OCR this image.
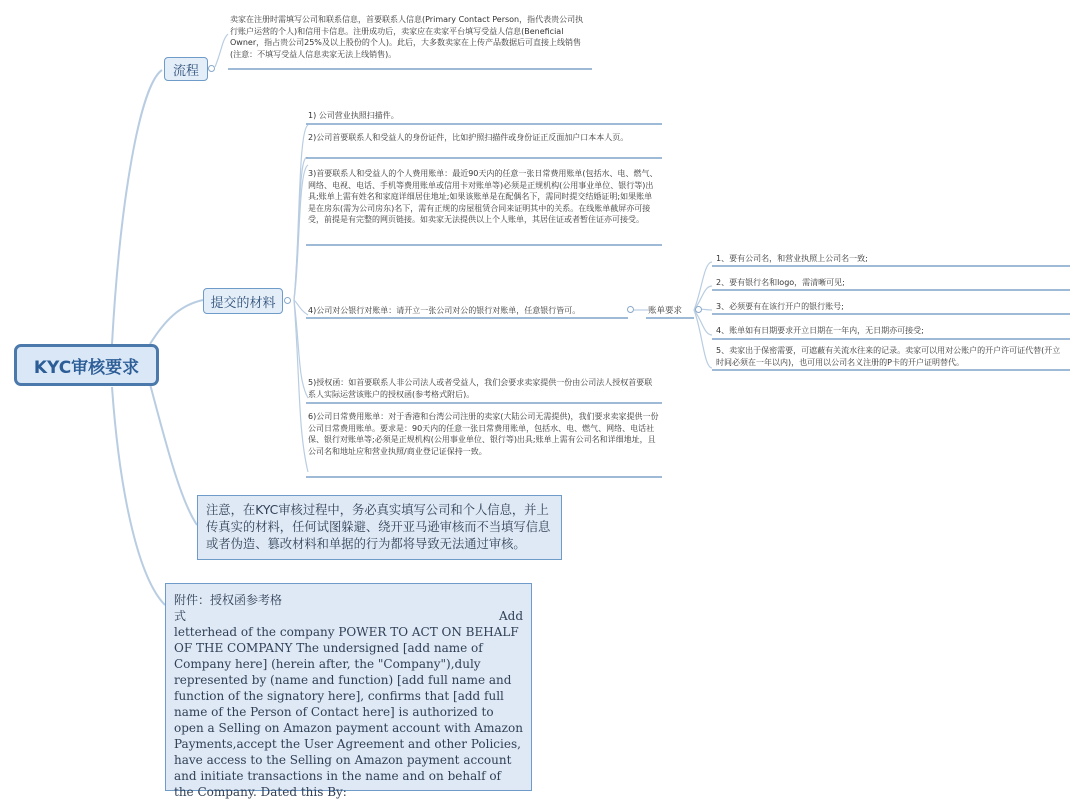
KYC审核要求
流程
卖家在注册时需填写公司和联系信息，首要联系人信息(Primary Contact Person，指代表贵公司执行账户运营的个人)和信用卡信息。注册成功后，卖家应在卖家平台填写受益人信息(Beneficial Owner，指占贵公司25%及以上股份的个人)。此后，大多数卖家在上传产品数据后可直接上线销售(注意：不填写受益人信息卖家无法上线销售)。
提交的材料
1) 公司营业执照扫描件。
2)公司首要联系人和受益人的身份证件，比如护照扫描件或身份证正反面加户口本本人页。
3)首要联系人和受益人的个人费用账单：最近90天内的任意一张日常费用账单(包括水、电、燃气、网络、电视、电话、手机等费用账单或信用卡对账单等)必须是正规机构(公用事业单位、银行等)出具;账单上需有姓名和家庭详细居住地址;如果该账单是在配偶名下，需同时提交结婚证明;如果账单是在房东(需为公司房东)名下，需有正规的房屋租赁合同来证明其中的关系。在线账单截屏亦可接受，前提是有完整的网页链接。如卖家无法提供以上个人账单，其居住证或者暂住证亦可接受。
4)公司对公银行对账单：请开立一张公司对公的银行对账单，任意银行皆可。
5)授权函：如首要联系人非公司法人或者受益人，我们会要求卖家提供一份由公司法人授权首要联系人实际运营该账户的授权函(参考格式附后)。
6)公司日常费用账单：对于香港和台湾公司注册的卖家(大陆公司无需提供)，我们要求卖家提供一份公司日常费用账单。要求是：90天内的任意一张日常费用账单，包括水、电、燃气、网络、电话社保、银行对账单等;必须是正规机构(公用事业单位、银行等)出具;账单上需有公司名和详细地址，且公司名和地址应和营业执照/商业登记证保持一致。
账单要求
1、要有公司名，和营业执照上公司名一致;
2、要有银行名和logo，需清晰可见;
3、必须要有在该行开户的银行账号;
4、账单如有日期要求开立日期在一年内，无日期亦可接受;
5、卖家出于保密需要，可遮蔽有关流水往来的记录。卖家可以用对公账户的开户许可证代替(开立时间必须在一年以内)，也可用以公司名义注册的P卡的开户证明替代。
注意，在KYC审核过程中，务必真实填写公司和个人信息，并上传真实的材料，任何试图躲避、绕开亚马逊审核而不当填写信息或者伪造、篡改材料和单据的行为都将导致无法通过审核。
附件：授权函参考格
式	Add
letterhead of the company POWER TO ACT ON BEHALF OF THE COMPANY The undersigned [add name of Company here] (herein after, the "Company"),duly represented by (name and function) [add full name and function of the signatory here], confirms that [add full name of the Person of Contact here] is authorized to open a Selling on Amazon payment account with Amazon Payments,accept the User Agreement and other Policies, have access to the Selling on Amazon payment account and initiate transactions in the name and on behalf of the Company. Dated this By:
